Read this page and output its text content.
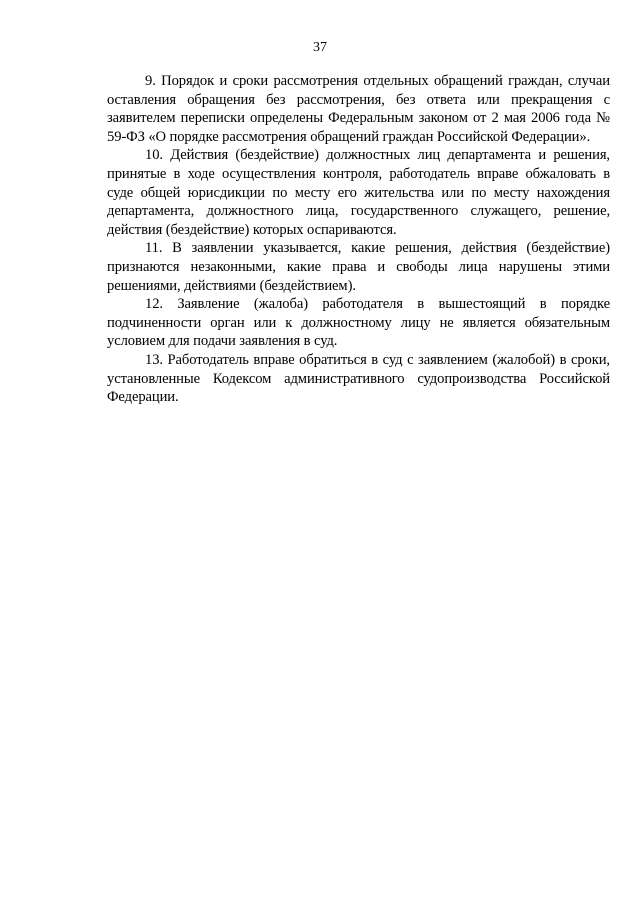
37

9. Порядок и сроки рассмотрения отдельных обращений граждан, случаи оставления обращения без рассмотрения, без ответа или прекращения с заявителем переписки определены Федеральным законом от 2 мая 2006 года № 59-ФЗ «О порядке рассмотрения обращений граждан Российской Федерации».

10. Действия (бездействие) должностных лиц департамента и решения, принятые в ходе осуществления контроля, работодатель вправе обжаловать в суде общей юрисдикции по месту его жительства или по месту нахождения департамента, должностного лица, государственного служащего, решение, действия (бездействие) которых оспариваются.

11. В заявлении указывается, какие решения, действия (бездействие) признаются незаконными, какие права и свободы лица нарушены этими решениями, действиями (бездействием).

12. Заявление (жалоба) работодателя в вышестоящий в порядке подчиненности орган или к должностному лицу не является обязательным условием для подачи заявления в суд.

13. Работодатель вправе обратиться в суд с заявлением (жалобой) в сроки, установленные Кодексом административного судопроизводства Российской Федерации.
